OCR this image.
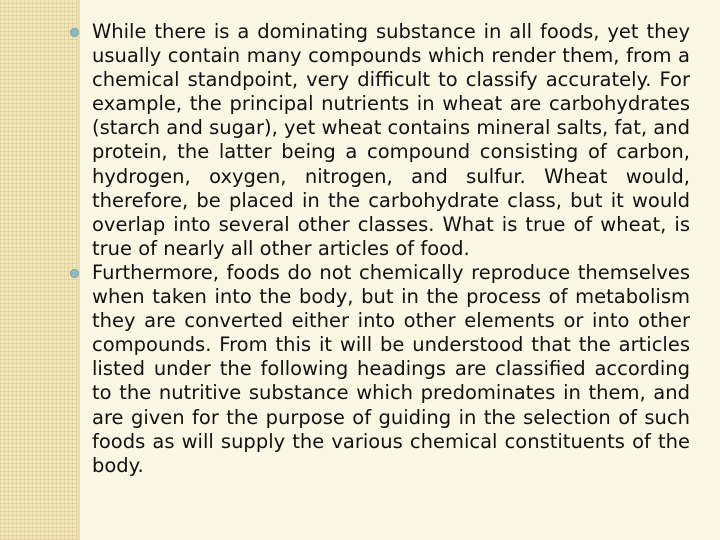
While there is a dominating substance in all foods, yet they usually contain many compounds which render them, from a chemical standpoint, very difficult to classify accurately. For example, the principal nutrients in wheat are carbohydrates (starch and sugar), yet wheat contains mineral salts, fat, and protein, the latter being a compound consisting of carbon, hydrogen, oxygen, nitrogen, and sulfur. Wheat would, therefore, be placed in the carbohydrate class, but it would overlap into several other classes. What is true of wheat, is true of nearly all other articles of food.
Furthermore, foods do not chemically reproduce themselves when taken into the body, but in the process of metabolism they are converted either into other elements or into other compounds. From this it will be understood that the articles listed under the following headings are classified according to the nutritive substance which predominates in them, and are given for the purpose of guiding in the selection of such foods as will supply the various chemical constituents of the body.
